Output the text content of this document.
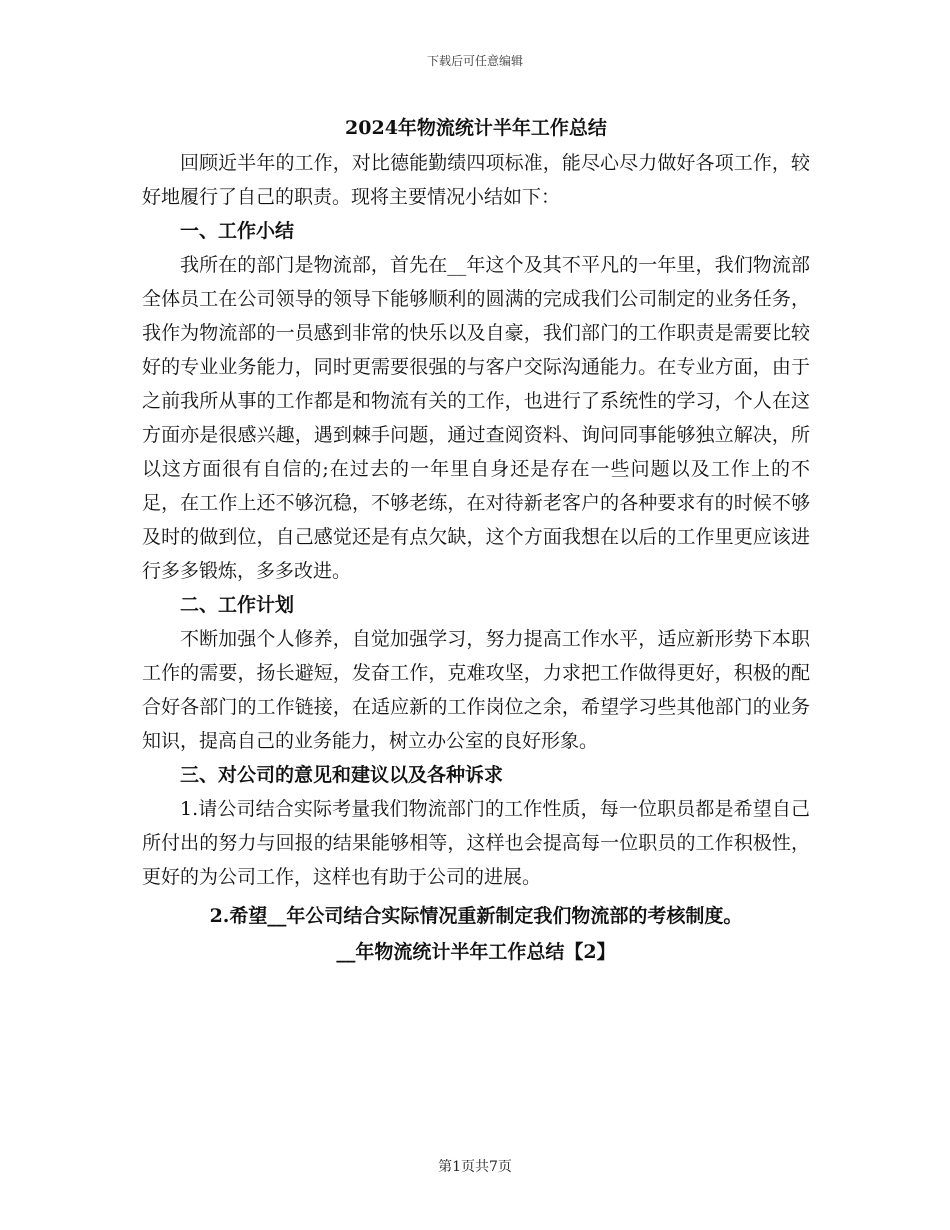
下载后可任意编辑
2024年物流统计半年工作总结

回顾近半年的工作，对比德能勤绩四项标准，能尽心尽力做好各项工作，较好地履行了自己的职责。现将主要情况小结如下：

一、工作小结

我所在的部门是物流部，首先在__年这个及其不平凡的一年里，我们物流部全体员工在公司领导的领导下能够顺利的圆满的完成我们公司制定的业务任务，我作为物流部的一员感到非常的快乐以及自豪，我们部门的工作职责是需要比较好的专业业务能力，同时更需要很强的与客户交际沟通能力。在专业方面，由于之前我所从事的工作都是和物流有关的工作，也进行了系统性的学习，个人在这方面亦是很感兴趣，遇到棘手问题，通过查阅资料、询问同事能够独立解决，所以这方面很有自信的;在过去的一年里自身还是存在一些问题以及工作上的不足，在工作上还不够沉稳，不够老练，在对待新老客户的各种要求有的时候不够及时的做到位，自己感觉还是有点欠缺，这个方面我想在以后的工作里更应该进行多多锻炼，多多改进。

二、工作计划

不断加强个人修养，自觉加强学习，努力提高工作水平，适应新形势下本职工作的需要，扬长避短，发奋工作，克难攻坚，力求把工作做得更好，积极的配合好各部门的工作链接，在适应新的工作岗位之余，希望学习些其他部门的业务知识，提高自己的业务能力，树立办公室的良好形象。

三、对公司的意见和建议以及各种诉求

1.请公司结合实际考量我们物流部门的工作性质，每一位职员都是希望自己所付出的努力与回报的结果能够相等，这样也会提高每一位职员的工作积极性，更好的为公司工作，这样也有助于公司的进展。

2.希望__年公司结合实际情况重新制定我们物流部的考核制度。

__年物流统计半年工作总结【2】

第1页共7页
